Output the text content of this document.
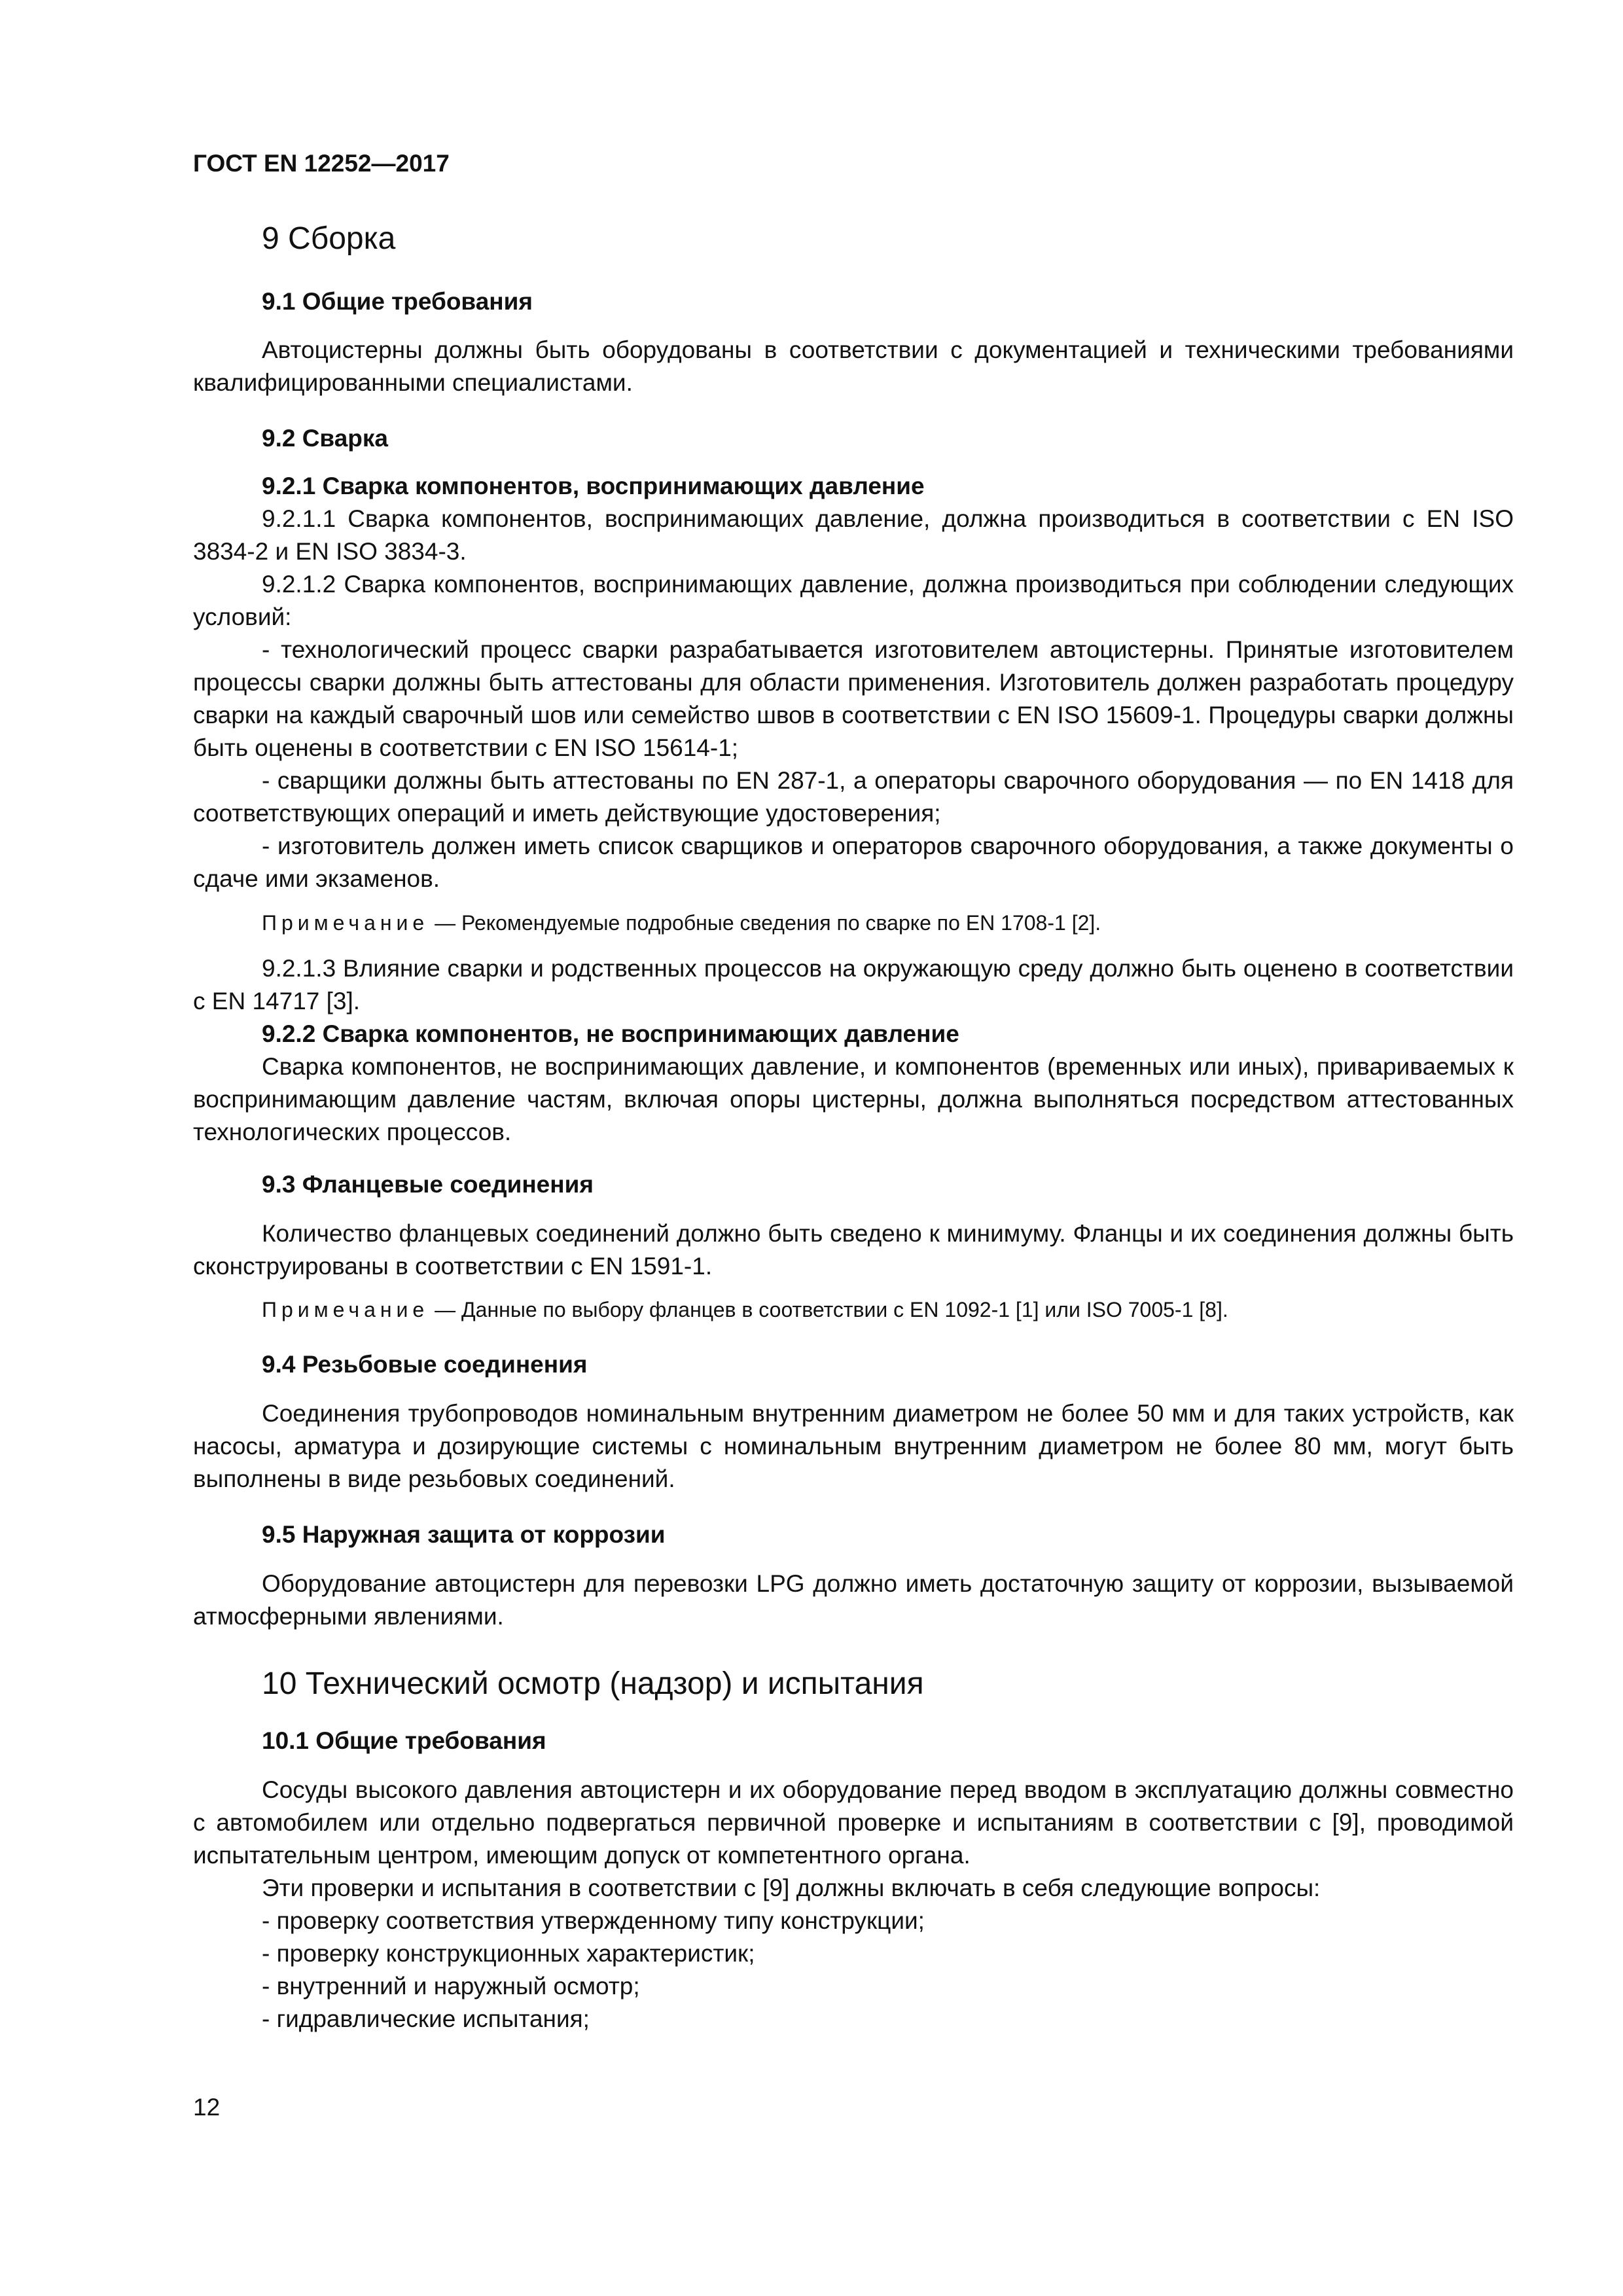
ГОСТ EN 12252—2017
9 Сборка
9.1 Общие требования

Автоцистерны должны быть оборудованы в соответствии с документацией и техническими требованиями квалифицированными специалистами.

9.2 Сварка
9.2.1 Сварка компонентов, воспринимающих давление

9.2.1.1 Сварка компонентов, воспринимающих давление, должна производиться в соответствии с EN ISO 3834-2 и EN ISO 3834-3.

9.2.1.2 Сварка компонентов, воспринимающих давление, должна производиться при соблюдении следующих условий:

- технологический процесс сварки разрабатывается изготовителем автоцистерны. Принятые изготовителем процессы сварки должны быть аттестованы для области применения. Изготовитель должен разработать процедуру сварки на каждый сварочный шов или семейство швов в соответствии с EN ISO 15609-1. Процедуры сварки должны быть оценены в соответствии с EN ISO 15614-1;

- сварщики должны быть аттестованы по EN 287-1, а операторы сварочного оборудования — по EN 1418 для соответствующих операций и иметь действующие удостоверения;

- изготовитель должен иметь список сварщиков и операторов сварочного оборудования, а также документы о сдаче ими экзаменов.

Примечание — Рекомендуемые подробные сведения по сварке по EN 1708-1 [2].

9.2.1.3 Влияние сварки и родственных процессов на окружающую среду должно быть оценено в соответствии с EN 14717 [3].

9.2.2 Сварка компонентов, не воспринимающих давление

Сварка компонентов, не воспринимающих давление, и компонентов (временных или иных), привариваемых к воспринимающим давление частям, включая опоры цистерны, должна выполняться посредством аттестованных технологических процессов.

9.3 Фланцевые соединения

Количество фланцевых соединений должно быть сведено к минимуму. Фланцы и их соединения должны быть сконструированы в соответствии с EN 1591-1.

Примечание — Данные по выбору фланцев в соответствии с EN 1092-1 [1] или ISO 7005-1 [8].
9.4 Резьбовые соединения

Соединения трубопроводов номинальным внутренним диаметром не более 50 мм и для таких устройств, как насосы, арматура и дозирующие системы с номинальным внутренним диаметром не более 80 мм, могут быть выполнены в виде резьбовых соединений.

9.5 Наружная защита от коррозии

Оборудование автоцистерн для перевозки LPG должно иметь достаточную защиту от коррозии, вызываемой атмосферными явлениями.

10 Технический осмотр (надзор) и испытания
10.1 Общие требования

Сосуды высокого давления автоцистерн и их оборудование перед вводом в эксплуатацию должны совместно с автомобилем или отдельно подвергаться первичной проверке и испытаниям в соответствии с [9], проводимой испытательным центром, имеющим допуск от компетентного органа.

Эти проверки и испытания в соответствии с [9] должны включать в себя следующие вопросы:

- проверку соответствия утвержденному типу конструкции;
- проверку конструкционных характеристик;
- внутренний и наружный осмотр;
- гидравлические испытания;
12
